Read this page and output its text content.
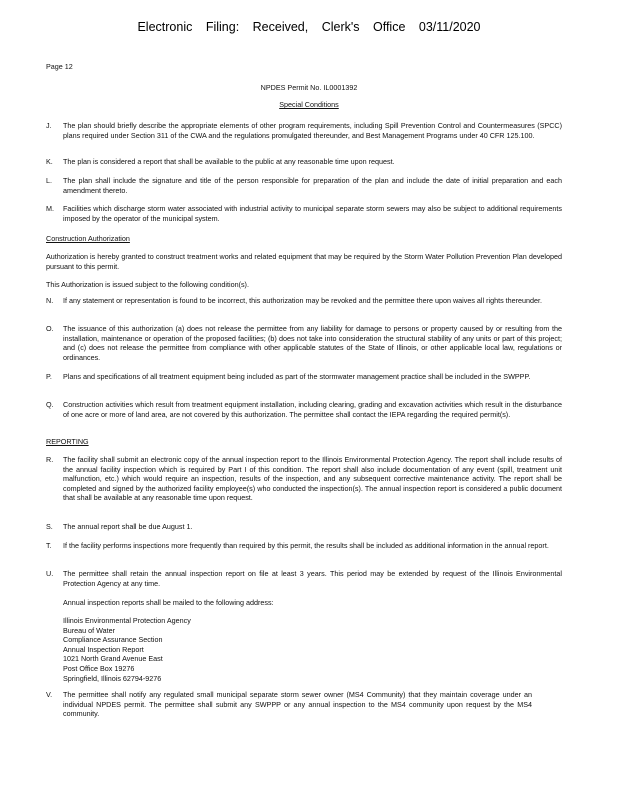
Electronic Filing: Received, Clerk's Office 03/11/2020
Page 12
NPDES Permit No. IL0001392
Special Conditions
J. The plan should briefly describe the appropriate elements of other program requirements, including Spill Prevention Control and Countermeasures (SPCC) plans required under Section 311 of the CWA and the regulations promulgated thereunder, and Best Management Programs under 40 CFR 125.100.
K. The plan is considered a report that shall be available to the public at any reasonable time upon request.
L. The plan shall include the signature and title of the person responsible for preparation of the plan and include the date of initial preparation and each amendment thereto.
M. Facilities which discharge storm water associated with industrial activity to municipal separate storm sewers may also be subject to additional requirements imposed by the operator of the municipal system.
Construction Authorization
Authorization is hereby granted to construct treatment works and related equipment that may be required by the Storm Water Pollution Prevention Plan developed pursuant to this permit.
This Authorization is issued subject to the following condition(s).
N. If any statement or representation is found to be incorrect, this authorization may be revoked and the permittee there upon waives all rights thereunder.
O. The issuance of this authorization (a) does not release the permittee from any liability for damage to persons or property caused by or resulting from the installation, maintenance or operation of the proposed facilities; (b) does not take into consideration the structural stability of any units or part of this project; and (c) does not release the permittee from compliance with other applicable statutes of the State of Illinois, or other applicable local law, regulations or ordinances.
P. Plans and specifications of all treatment equipment being included as part of the stormwater management practice shall be included in the SWPPP.
Q. Construction activities which result from treatment equipment installation, including clearing, grading and excavation activities which result in the disturbance of one acre or more of land area, are not covered by this authorization. The permittee shall contact the IEPA regarding the required permit(s).
REPORTING
R. The facility shall submit an electronic copy of the annual inspection report to the Illinois Environmental Protection Agency. The report shall include results of the annual facility inspection which is required by Part I of this condition. The report shall also include documentation of any event (spill, treatment unit malfunction, etc.) which would require an inspection, results of the inspection, and any subsequent corrective maintenance activity. The report shall be completed and signed by the authorized facility employee(s) who conducted the inspection(s). The annual inspection report is considered a public document that shall be available at any reasonable time upon request.
S. The annual report shall be due August 1.
T. If the facility performs inspections more frequently than required by this permit, the results shall be included as additional information in the annual report.
U. The permittee shall retain the annual inspection report on file at least 3 years. This period may be extended by request of the Illinois Environmental Protection Agency at any time.
Annual inspection reports shall be mailed to the following address:
Illinois Environmental Protection Agency
Bureau of Water
Compliance Assurance Section
Annual Inspection Report
1021 North Grand Avenue East
Post Office Box 19276
Springfield, Illinois 62794-9276
V. The permittee shall notify any regulated small municipal separate storm sewer owner (MS4 Community) that they maintain coverage under an individual NPDES permit. The permittee shall submit any SWPPP or any annual inspection to the MS4 community upon request by the MS4 community.
